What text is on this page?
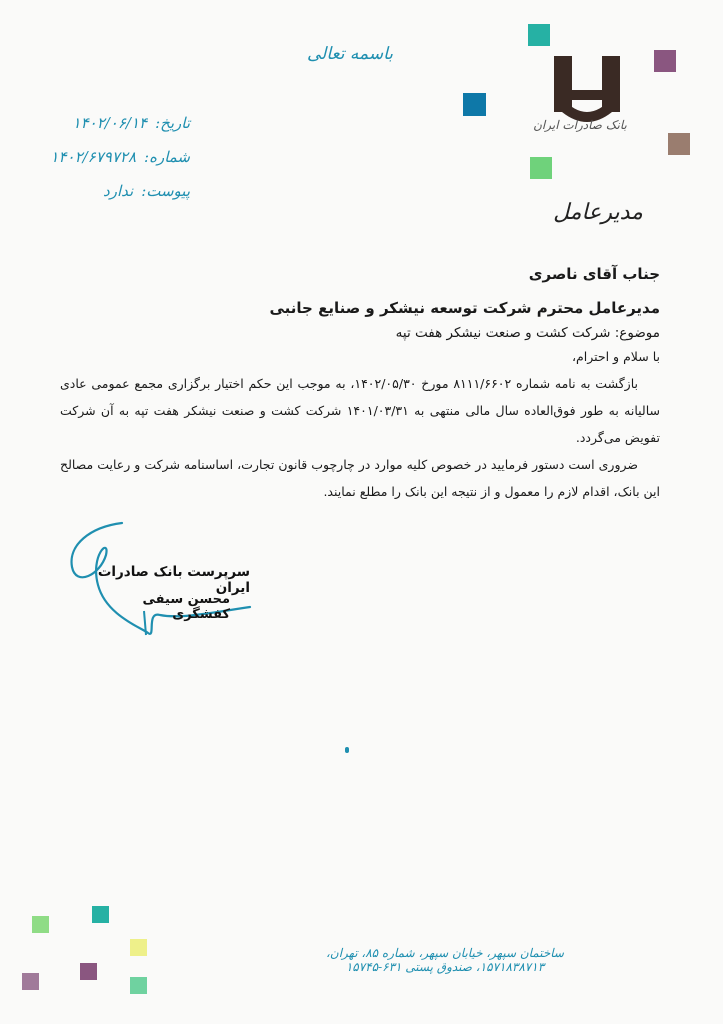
باسمه تعالی
تاریخ:
۱۴۰۲/۰۶/۱۴
شماره:
۱۴۰۲/۶۷۹۷۲۸
پیوست:
ندارد
بانک صادرات ایران
مدیرعامل

جناب آقای ناصری

مدیرعامل محترم شرکت توسعه نیشکر و صنایع جانبی

موضوع: شرکت کشت و صنعت نیشکر هفت تپه

با سلام و احترام،

بازگشت به نامه شماره ۸۱۱۱/۶۶۰۲ مورخ ۱۴۰۲/۰۵/۳۰، به موجب این حکم اختیار برگزاری مجمع عمومی عادی سالیانه به طور فوق‌العاده سال مالی منتهی به ۱۴۰۱/۰۳/۳۱ شرکت کشت و صنعت نیشکر هفت تپه به آن شرکت تفویض می‌گردد.

ضروری است دستور فرمایید در خصوص کلیه موارد در چارچوب قانون تجارت، اساسنامه شرکت و رعایت مصالح این بانک، اقدام لازم را معمول و از نتیجه این بانک را مطلع نمایند.

سرپرست بانک صادرات ایران
محسن سیفی کفشگری
ساختمان سپهر، خیابان سپهر، شماره ۸۵، تهران، ۱۵۷۱۸۳۸۷۱۳، صندوق پستی ۶۳۱-۱۵۷۴۵
